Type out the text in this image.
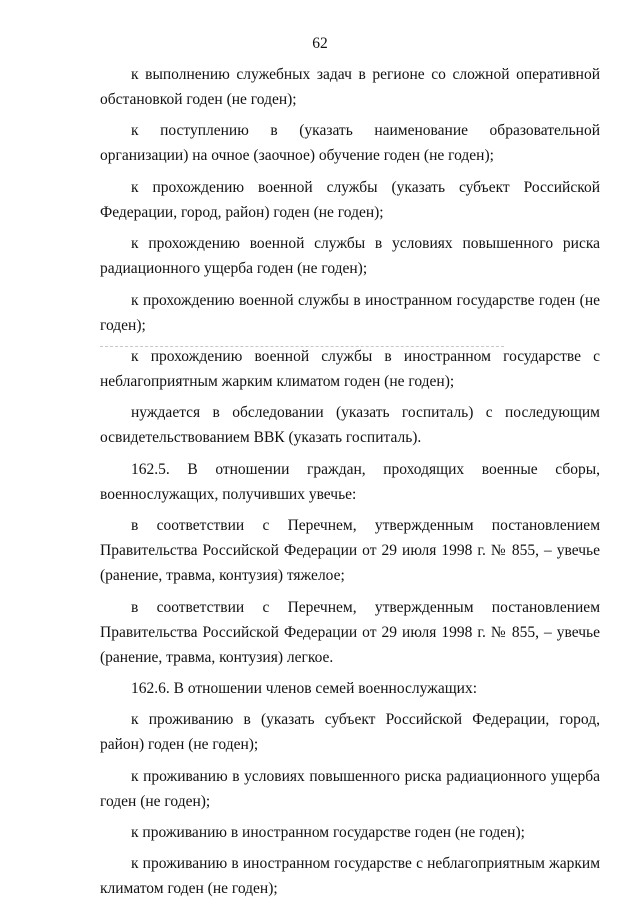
62

к выполнению служебных задач в регионе со сложной оперативной обстановкой годен (не годен);

к поступлению в (указать наименование образовательной организации) на очное (заочное) обучение годен (не годен);

к прохождению военной службы (указать субъект Российской Федерации, город, район) годен (не годен);

к прохождению военной службы в условиях повышенного риска радиационного ущерба годен (не годен);

к прохождению военной службы в иностранном государстве годен (не годен);

к прохождению военной службы в иностранном государстве с неблагоприятным жарким климатом годен (не годен);

нуждается в обследовании (указать госпиталь) с последующим освидетельствованием ВВК (указать госпиталь).

162.5. В отношении граждан, проходящих военные сборы, военнослужащих, получивших увечье:

в соответствии с Перечнем, утвержденным постановлением Правительства Российской Федерации от 29 июля 1998 г. № 855, – увечье (ранение, травма, контузия) тяжелое;

в соответствии с Перечнем, утвержденным постановлением Правительства Российской Федерации от 29 июля 1998 г. № 855, – увечье (ранение, травма, контузия) легкое.

162.6. В отношении членов семей военнослужащих:

к проживанию в (указать субъект Российской Федерации, город, район) годен (не годен);

к проживанию в условиях повышенного риска радиационного ущерба годен (не годен);

к проживанию в иностранном государстве годен (не годен);

к проживанию в иностранном государстве с неблагоприятным жарким климатом годен (не годен);
